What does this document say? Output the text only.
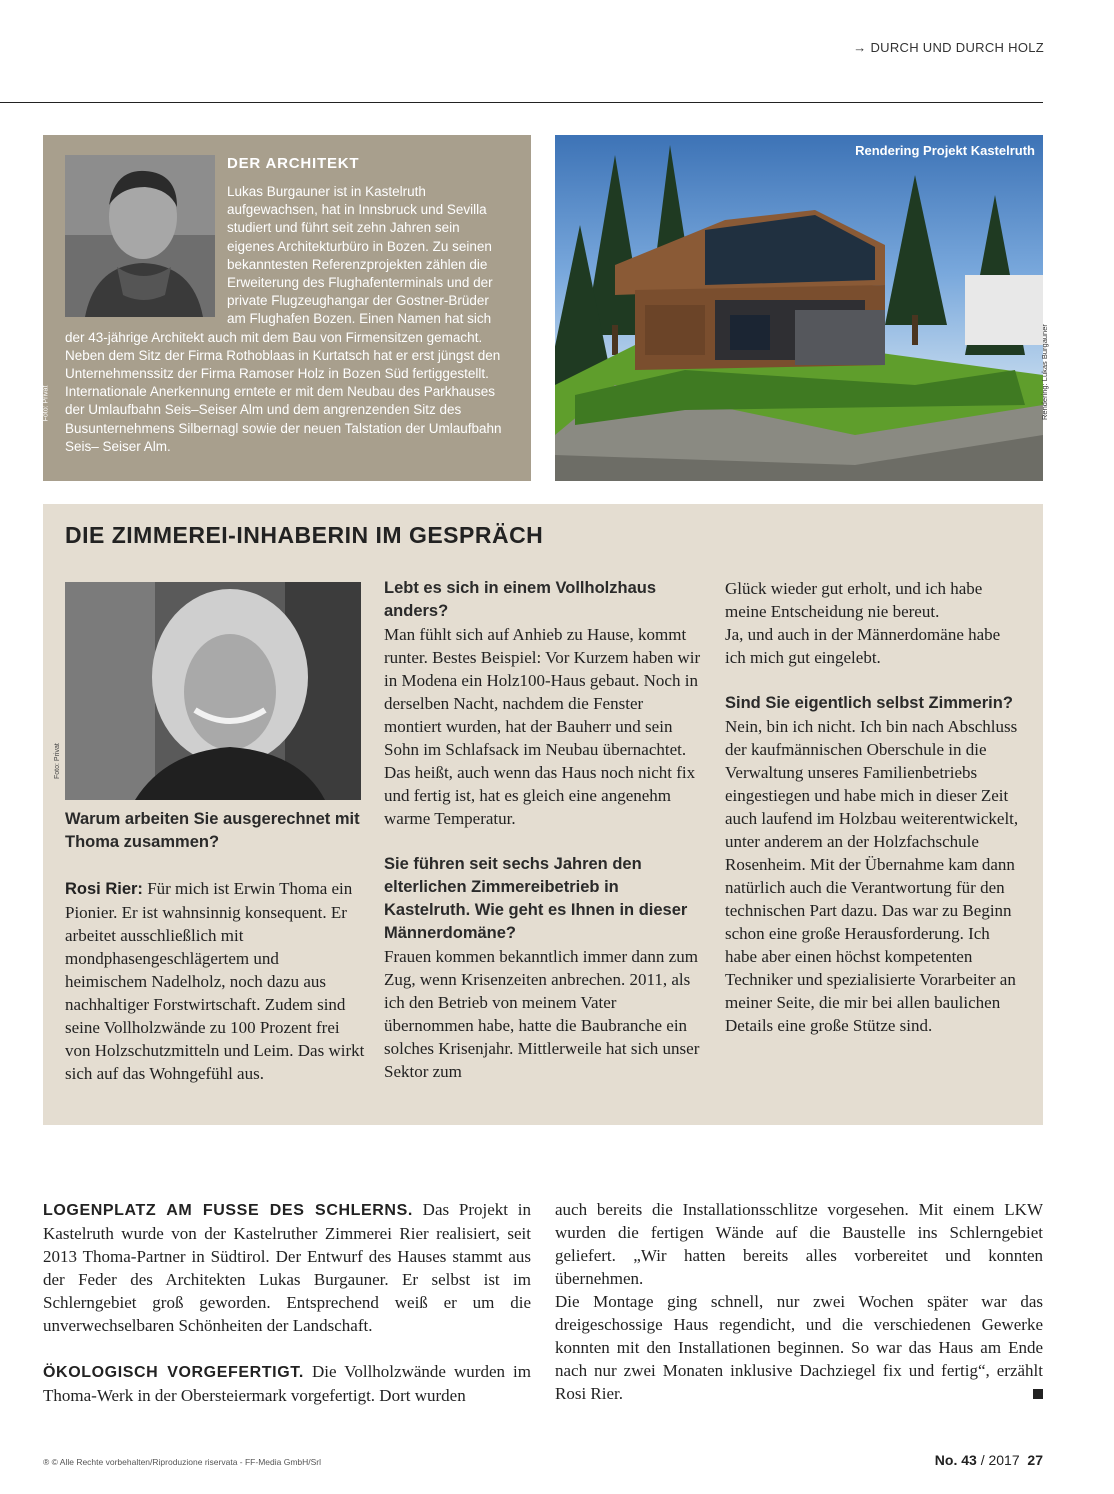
→ DURCH UND DURCH HOLZ
Foto: Privat
DER ARCHITEKT

Lukas Burgauner ist in Kastelruth aufgewachsen, hat in Innsbruck und Sevilla studiert und führt seit zehn Jahren sein eigenes Architekturbüro in Bozen. Zu seinen bekanntesten Referenzprojekten zählen die Erweiterung des Flughafenterminals und der private Flugzeughangar der Gostner-Brüder am Flughafen Bozen. Einen Namen hat sich der 43-jährige Architekt auch mit dem Bau von Firmensitzen gemacht. Neben dem Sitz der Firma Rothoblaas in Kurtatsch hat er erst jüngst den Unternehmenssitz der Firma Ramoser Holz in Bozen Süd fertiggestellt. Internationale Anerkennung erntete er mit dem Neubau des Parkhauses der Umlaufbahn Seis–Seiser Alm und dem angrenzenden Sitz des Busunternehmens Silbernagl sowie der neuen Talstation der Umlaufbahn Seis– Seiser Alm.

Rendering Projekt Kastelruth
Rendering: Lukas Burgauner
DIE ZIMMEREI-INHABERIN IM GESPRÄCH
Foto: Privat

Warum arbeiten Sie ausgerechnet mit Thoma zusammen?

Rosi Rier: Für mich ist Erwin Thoma ein Pionier. Er ist wahnsinnig konsequent. Er arbeitet ausschließlich mit mondphasengeschlägertem und heimischem Nadelholz, noch dazu aus nachhaltiger Forstwirtschaft. Zudem sind seine Vollholzwände zu 100 Prozent frei von Holzschutzmitteln und Leim. Das wirkt sich auf das Wohngefühl aus.

Lebt es sich in einem Vollholzhaus anders?

Man fühlt sich auf Anhieb zu Hause, kommt runter. Bestes Beispiel: Vor Kurzem haben wir in Modena ein Holz100-Haus gebaut. Noch in derselben Nacht, nachdem die Fenster montiert wurden, hat der Bauherr und sein Sohn im Schlafsack im Neubau übernachtet. Das heißt, auch wenn das Haus noch nicht fix und fertig ist, hat es gleich eine angenehm warme Temperatur.

Sie führen seit sechs Jahren den elterlichen Zimmereibetrieb in Kastelruth. Wie geht es Ihnen in dieser Männerdomäne?

Frauen kommen bekanntlich immer dann zum Zug, wenn Krisenzeiten anbrechen. 2011, als ich den Betrieb von meinem Vater übernommen habe, hatte die Baubranche ein solches Krisenjahr. Mittlerweile hat sich unser Sektor zum

Glück wieder gut erholt, und ich habe meine Entscheidung nie bereut.

Ja, und auch in der Männerdomäne habe ich mich gut eingelebt.

Sind Sie eigentlich selbst Zimmerin?

Nein, bin ich nicht. Ich bin nach Abschluss der kaufmännischen Oberschule in die Verwaltung unseres Familienbetriebs eingestiegen und habe mich in dieser Zeit auch laufend im Holzbau weiterentwickelt, unter anderem an der Holzfachschule Rosenheim. Mit der Übernahme kam dann natürlich auch die Verantwortung für den technischen Part dazu. Das war zu Beginn schon eine große Herausforderung. Ich habe aber einen höchst kompetenten Techniker und spezialisierte Vorarbeiter an meiner Seite, die mir bei allen baulichen Details eine große Stütze sind.

LOGENPLATZ AM FUSSE DES SCHLERNS. Das Projekt in Kastelruth wurde von der Kastelruther Zimmerei Rier realisiert, seit 2013 Thoma-Partner in Südtirol. Der Entwurf des Hauses stammt aus der Feder des Architekten Lukas Burgauner. Er selbst ist im Schlerngebiet groß geworden. Entsprechend weiß er um die unverwechselbaren Schönheiten der Landschaft.

ÖKOLOGISCH VORGEFERTIGT. Die Vollholzwände wurden im Thoma-Werk in der Obersteiermark vorgefertigt. Dort wurden

auch bereits die Installationsschlitze vorgesehen. Mit einem LKW wurden die fertigen Wände auf die Baustelle ins Schlerngebiet geliefert. „Wir hatten bereits alles vorbereitet und konnten übernehmen.

Die Montage ging schnell, nur zwei Wochen später war das dreigeschossige Haus regendicht, und die verschiedenen Gewerke konnten mit den Installationen beginnen. So war das Haus am Ende nach nur zwei Monaten inklusive Dachziegel fix und fertig“, erzählt Rosi Rier.

® © Alle Rechte vorbehalten/Riproduzione riservata - FF-Media GmbH/Srl	No. 43 / 2017 27
